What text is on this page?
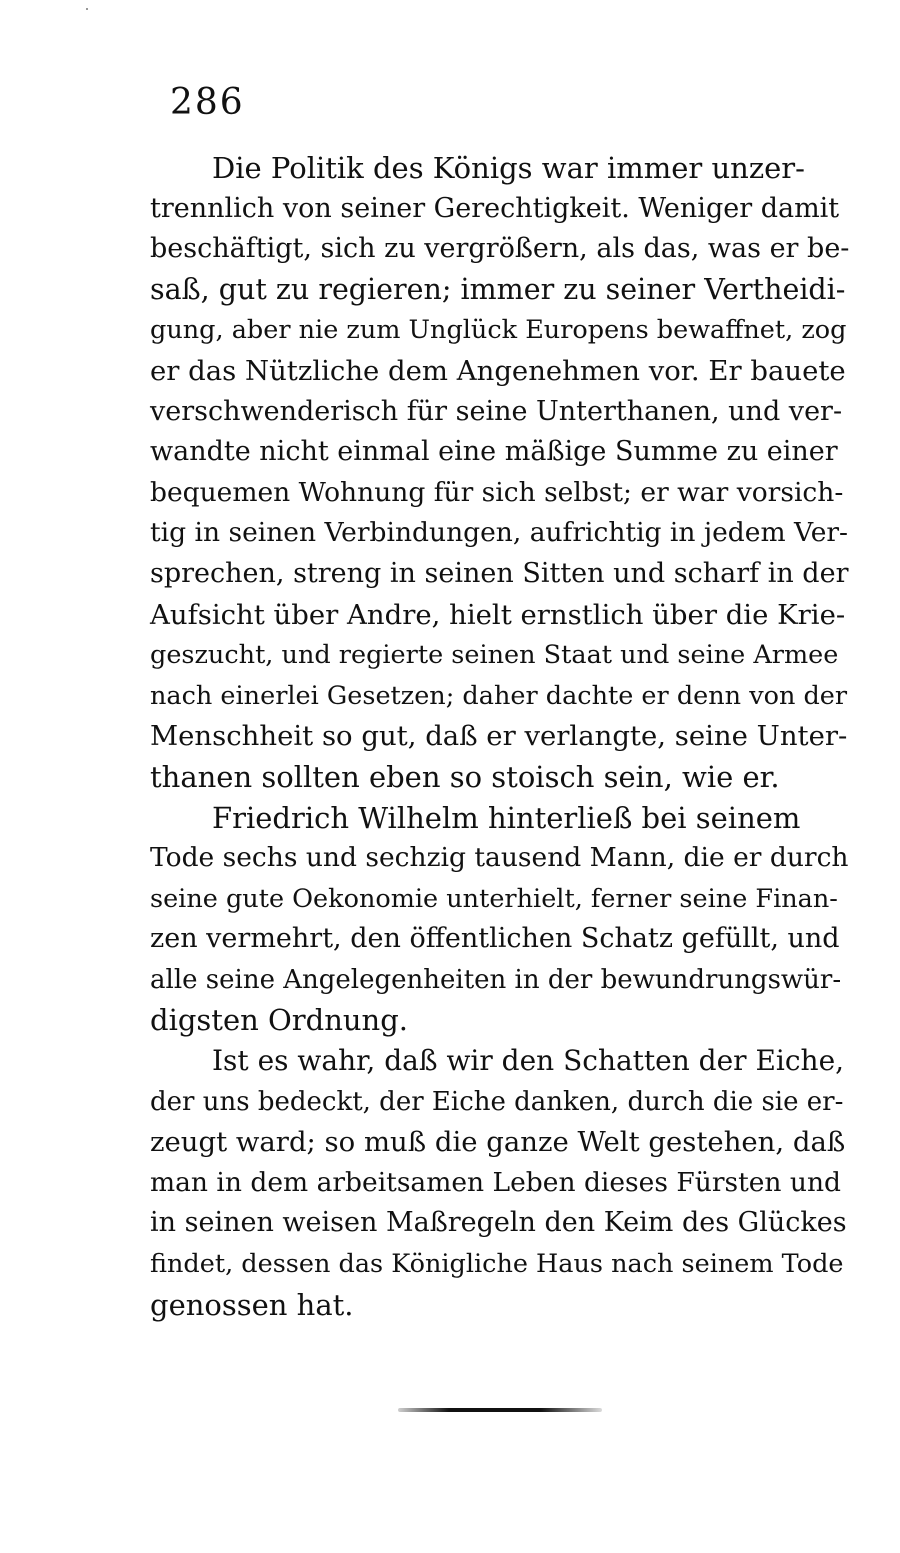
286
Die Politik des Königs war immer unzer-
trennlich von seiner Gerechtigkeit. Weniger damit
beschäftigt, sich zu vergrößern, als das, was er be-
saß, gut zu regieren; immer zu seiner Vertheidi-
gung, aber nie zum Unglück Europens bewaffnet, zog
er das Nützliche dem Angenehmen vor. Er bauete
verschwenderisch für seine Unterthanen, und ver-
wandte nicht einmal eine mäßige Summe zu einer
bequemen Wohnung für sich selbst; er war vorsich-
tig in seinen Verbindungen, aufrichtig in jedem Ver-
sprechen, streng in seinen Sitten und scharf in der
Aufsicht über Andre, hielt ernstlich über die Krie-
geszucht, und regierte seinen Staat und seine Armee
nach einerlei Gesetzen; daher dachte er denn von der
Menschheit so gut, daß er verlangte, seine Unter-
thanen sollten eben so stoisch sein, wie er.
Friedrich Wilhelm hinterließ bei seinem
Tode sechs und sechzig tausend Mann, die er durch
seine gute Oekonomie unterhielt, ferner seine Finan-
zen vermehrt, den öffentlichen Schatz gefüllt, und
alle seine Angelegenheiten in der bewundrungswür-
digsten Ordnung.
Ist es wahr, daß wir den Schatten der Eiche,
der uns bedeckt, der Eiche danken, durch die sie er-
zeugt ward; so muß die ganze Welt gestehen, daß
man in dem arbeitsamen Leben dieses Fürsten und
in seinen weisen Maßregeln den Keim des Glückes
findet, dessen das Königliche Haus nach seinem Tode
genossen hat.
